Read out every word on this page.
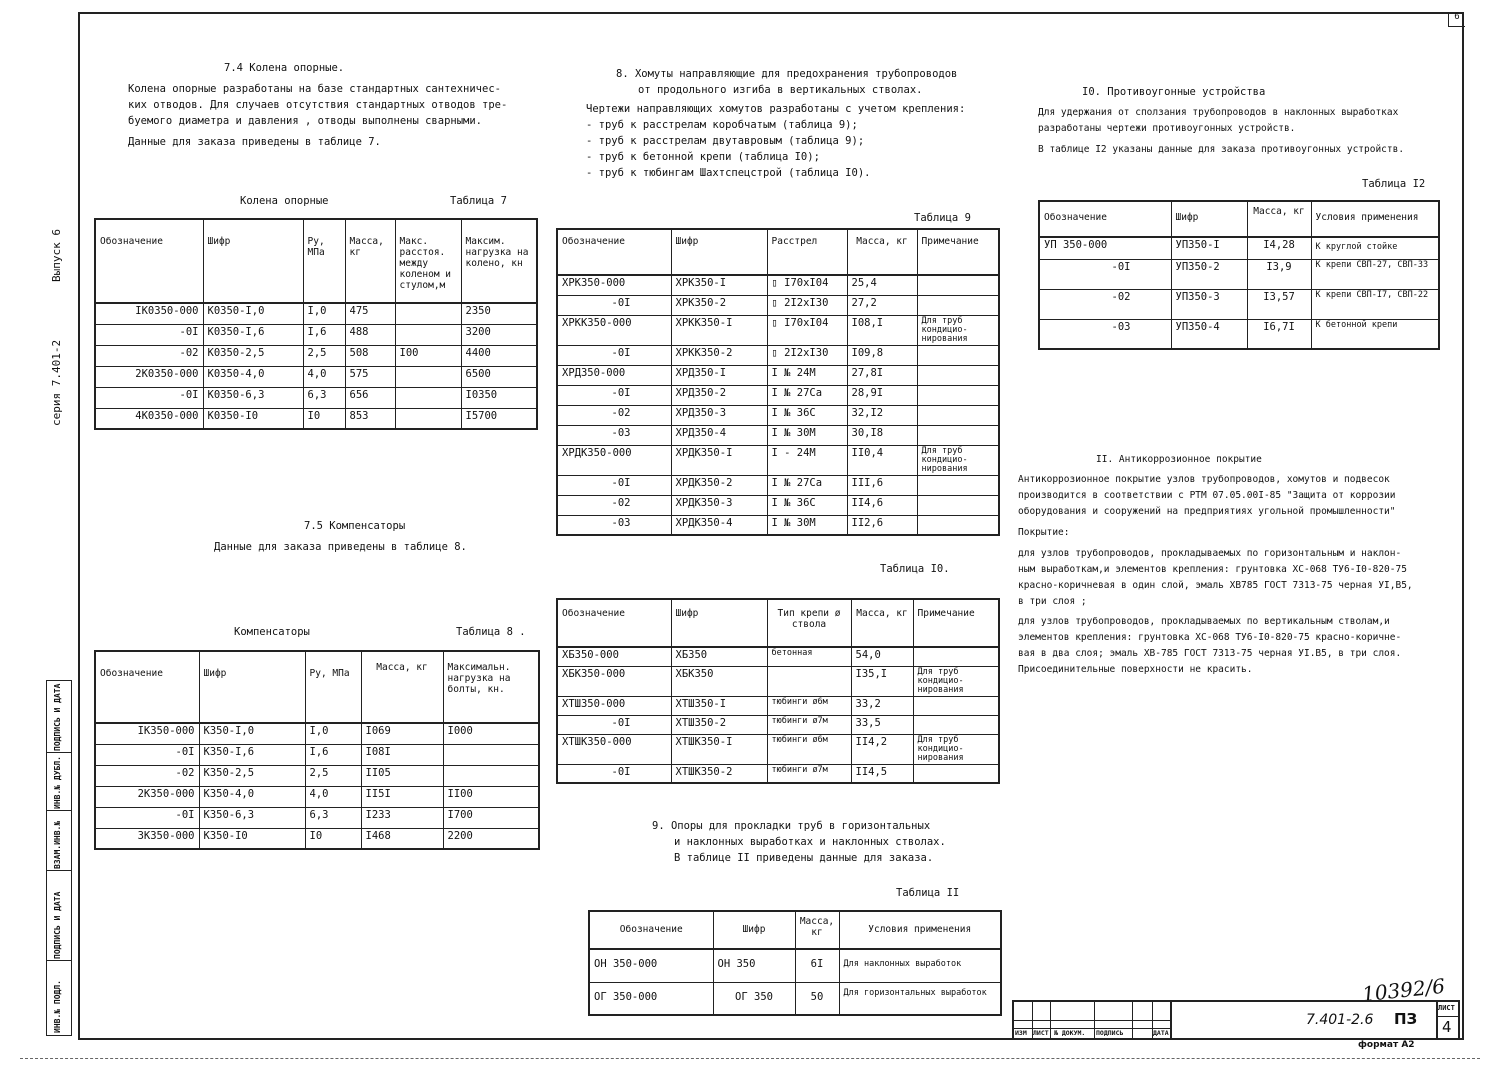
6
Выпуск 6
серия 7.401-2
ПОДПИСЬ И ДАТА
ИНВ.№ ДУБЛ.
ВЗАМ.ИНВ.№
ПОДПИСЬ И ДАТА
ИНВ.№ ПОДЛ.
7.4 Колена опорные.
Колена опорные разработаны на базе стандартных сантехничес-
ких отводов. Для случаев отсутствия стандартных отводов тре-
буемого диаметра и давления , отводы выполнены сварными.
Данные для заказа приведены в таблице 7.
Колена опорные	Таблица 7
Обозначение	Шифр	Ру, МПа	Масса, кг	Макс. расстоя. между коленом и стулом,м	Максим. нагрузка на колено, кн
IK0350-000	K0350-I,0	I,0	475		2350
-0I	K0350-I,6	I,6	488		3200
-02	K0350-2,5	2,5	508	I00	4400
2K0350-000	K0350-4,0	4,0	575		6500
-0I	K0350-6,3	6,3	656		I0350
4K0350-000	K0350-I0	I0	853		I5700
7.5 Компенсаторы
Данные для заказа приведены в таблице 8.
Компенсаторы	Таблица 8 .
Обозначение	Шифр	Ру, МПа	Масса, кг	Максимальн. нагрузка на болты, кн.
IK350-000	K350-I,0	I,0	I069	I000
-0I	K350-I,6	I,6	I08I	
-02	K350-2,5	2,5	II05	
2K350-000	K350-4,0	4,0	II5I	II00
-0I	K350-6,3	6,3	I233	I700
3K350-000	K350-I0	I0	I468	2200
8. Хомуты направляющие для предохранения трубопроводов
от продольного изгиба в вертикальных стволах.
Чертежи направляющих хомутов разработаны с учетом крепления:
- труб к расстрелам коробчатым (таблица 9);
- труб к расстрелам двутавровым (таблица 9);
- труб к бетонной крепи (таблица I0);
- труб к тюбингам Шахтспецстрой (таблица I0).
Таблица 9
Обозначение	Шифр	Расстрел	Масса, кг	Примечание
XPK350-000	XPK350-I	▯ I70xI04	25,4	
-0I	XPK350-2	▯ 2I2xI30	27,2	
XPKK350-000	XPKK350-I	▯ I70xI04	I08,I	Для труб кондицио-нирования
-0I	XPKK350-2	▯ 2I2xI30	I09,8	
XPД350-000	XPД350-I	I № 24M	27,8I	
-0I	XPД350-2	I № 27Ca	28,9I	
-02	XPД350-3	I № 36C	32,I2	
-03	XPД350-4	I № 30M	30,I8	
XPДK350-000	XPДK350-I	I - 24M	II0,4	Для труб кондицио-нирования
-0I	XPДK350-2	I № 27Ca	III,6	
-02	XPДK350-3	I № 36C	II4,6	
-03	XPДK350-4	I № 30M	II2,6	
Таблица I0.
Обозначение	Шифр	Тип крепи ø ствола	Масса, кг	Примечание
XБ350-000	XБ350	бетонная	54,0	
XБK350-000	XБK350		I35,I	Для труб кондицио-нирования
XTШ350-000	XTШ350-I	тюбинги ø6м	33,2	
-0I	XTШ350-2	тюбинги ø7м	33,5	
XTШK350-000	XTШK350-I	тюбинги ø6м	II4,2	Для труб кондицио-нирования
-0I	XTШK350-2	тюбинги ø7м	II4,5	
9. Опоры для прокладки труб в горизонтальных
и наклонных выработках и наклонных стволах.
В таблице II приведены данные для заказа.
Таблица II
Обозначение	Шифр	Масса, кг	Условия применения
OH 350-000	OH 350	6I	Для наклонных выработок
OГ 350-000	OГ 350	50	Для горизонтальных выработок
I0. Противоугонные устройства
Для удержания от сползания трубопроводов в наклонных выработках
разработаны чертежи противоугонных устройств.
В таблице I2 указаны данные для заказа противоугонных устройств.
Таблица I2
Обозначение	Шифр	Масса, кг	Условия применения
УП 350-000	УП350-I	I4,28	К круглой стойке
-0I	УП350-2	I3,9	К крепи СВП-27, СВП-33
-02	УП350-3	I3,57	К крепи СВП-I7, СВП-22
-03	УП350-4	I6,7I	К бетонной крепи
II. Антикоррозионное покрытие
Антикоррозионное покрытие узлов трубопроводов, хомутов и подвесок
производится в соответствии с РТМ 07.05.00I-85 "Защита от коррозии
оборудования и сооружений на предприятиях угольной промышленности"
Покрытие:
для узлов трубопроводов, прокладываемых по горизонтальным и наклон-
ным выработкам,и элементов крепления: грунтовка ХС-068 ТУ6-I0-820-75
красно-коричневая в один слой, эмаль ХВ785 ГОСТ 7313-75 черная УI,В5,
в три слоя ;
для узлов трубопроводов, прокладываемых по вертикальным стволам,и
элементов крепления: грунтовка ХС-068 ТУ6-I0-820-75 красно-коричне-
вая в два слоя; эмаль ХВ-785 ГОСТ 7313-75 черная УI.В5, в три слоя.
Присоединительные поверхности не красить.
10392/6
ИЗМ ЛИСТ № ДОКУМ. ПОДПИСЬ	ДАТА
7.401-2.6 ПЗ
ЛИСТ
4
формат А2
